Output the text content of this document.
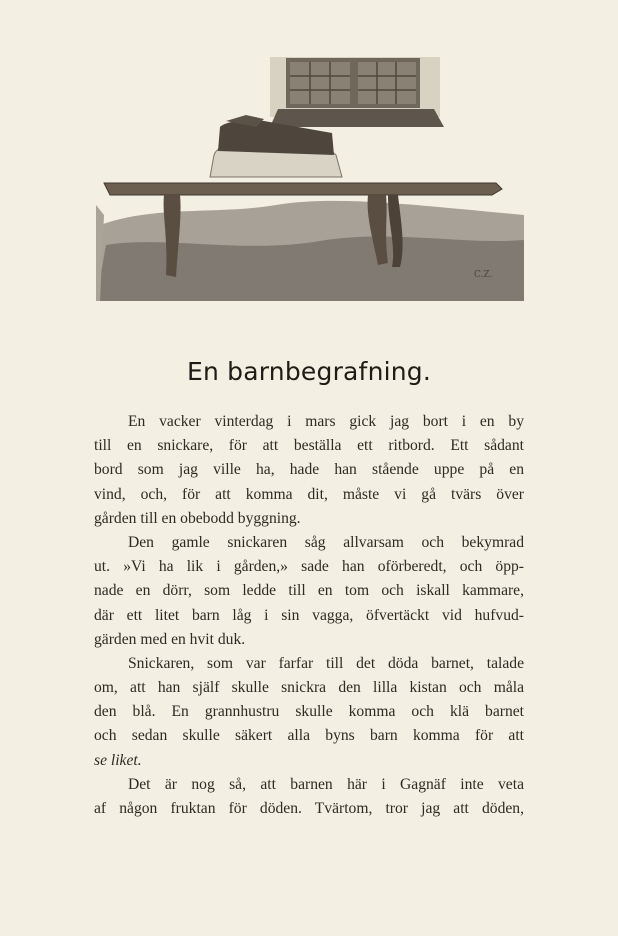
C.Z.
En barnbegrafning.
En vacker vinterdag i mars gick jag bort i en by
till en snickare, för att beställa ett ritbord. Ett sådant
bord som jag ville ha, hade han stående uppe på en
vind, och, för att komma dit, måste vi gå tvärs över
gården till en obebodd byggning.
Den gamle snickaren såg allvarsam och bekymrad
ut. »Vi ha lik i gården,» sade han oförberedt, och öpp-
nade en dörr, som ledde till en tom och iskall kammare,
där ett litet barn låg i sin vagga, öfvertäckt vid hufvud-
gärden med en hvit duk.
Snickaren, som var farfar till det döda barnet, talade
om, att han själf skulle snickra den lilla kistan och måla
den blå. En grannhustru skulle komma och klä barnet
och sedan skulle säkert alla byns barn komma för att
se liket.
Det är nog så, att barnen här i Gagnäf inte veta
af någon fruktan för döden. Tvärtom, tror jag att döden,
